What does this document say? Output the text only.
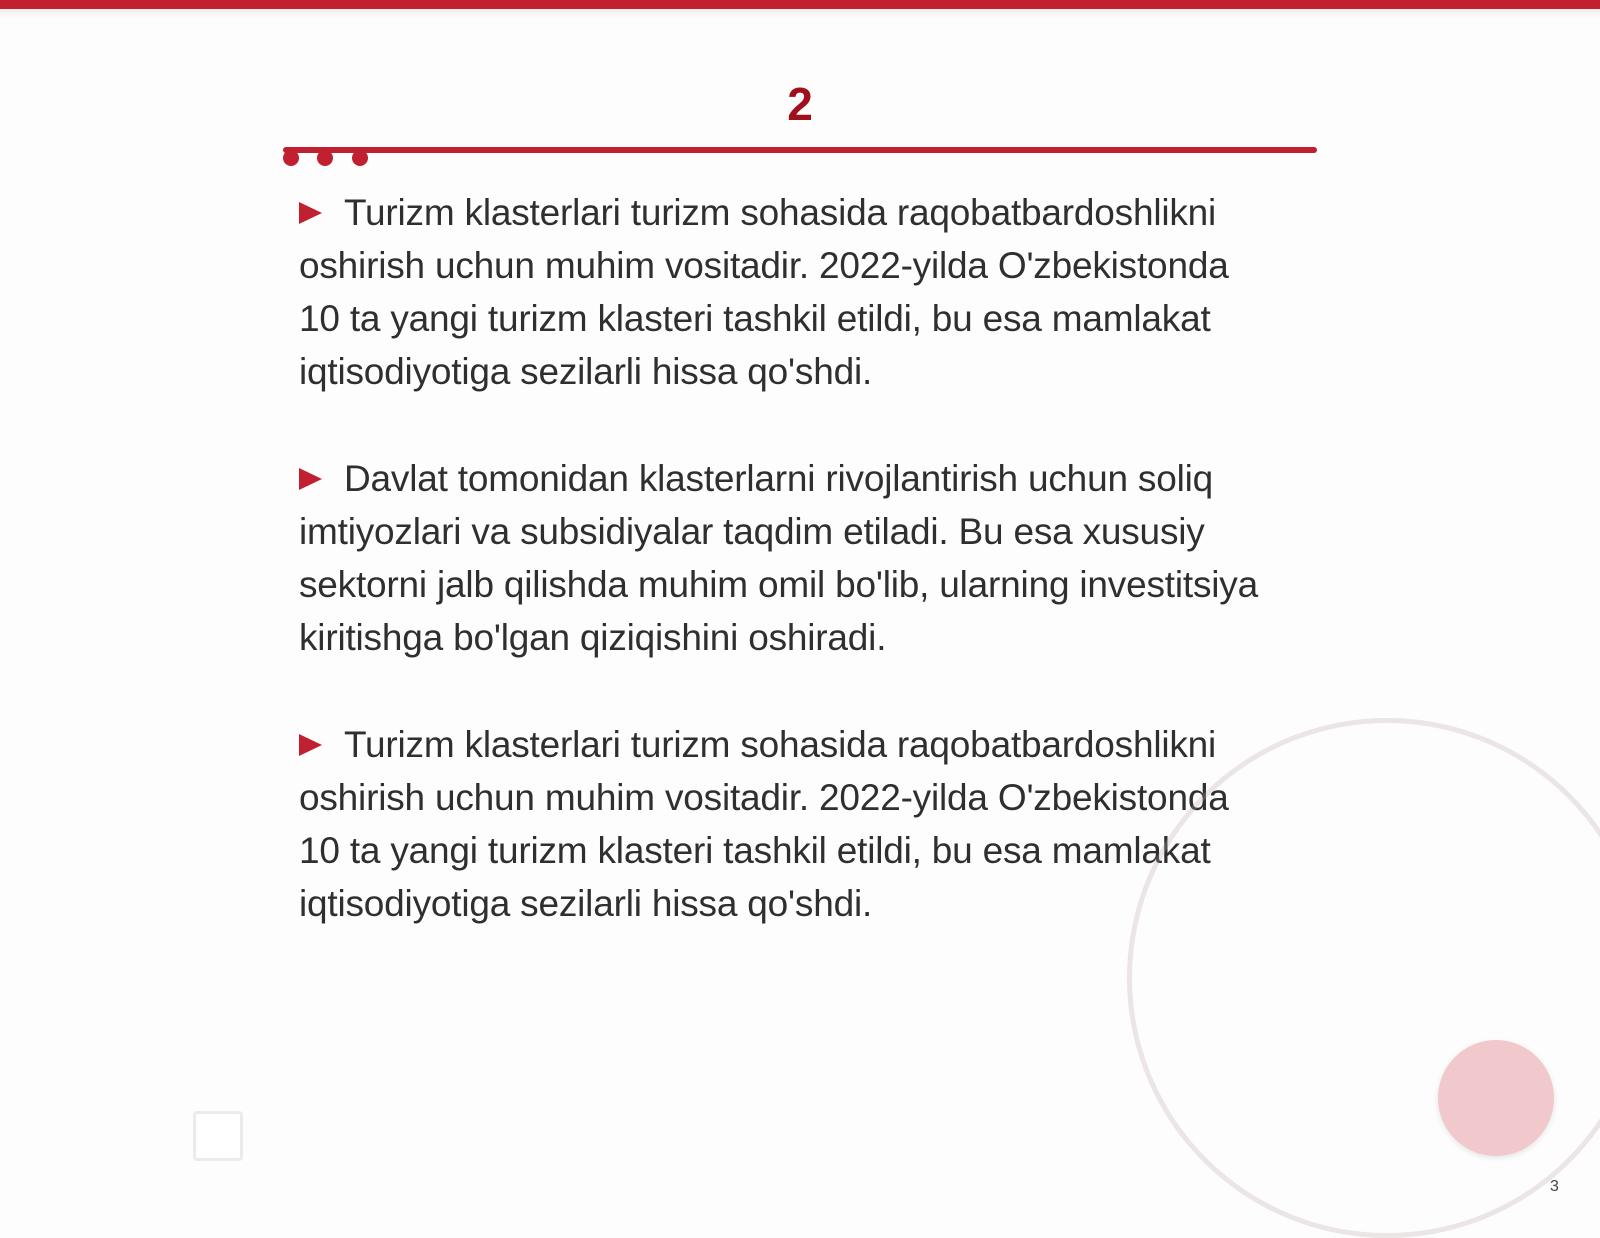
2

Turizm klasterlari turizm sohasida raqobatbardoshlikni oshirish uchun muhim vositadir. 2022-yilda O'zbekistonda 10 ta yangi turizm klasteri tashkil etildi, bu esa mamlakat iqtisodiyotiga sezilarli hissa qo'shdi.

Davlat tomonidan klasterlarni rivojlantirish uchun soliq imtiyozlari va subsidiyalar taqdim etiladi. Bu esa xususiy sektorni jalb qilishda muhim omil bo'lib, ularning investitsiya kiritishga bo'lgan qiziqishini oshiradi.

Turizm klasterlari turizm sohasida raqobatbardoshlikni oshirish uchun muhim vositadir. 2022-yilda O'zbekistonda 10 ta yangi turizm klasteri tashkil etildi, bu esa mamlakat iqtisodiyotiga sezilarli hissa qo'shdi.

3
